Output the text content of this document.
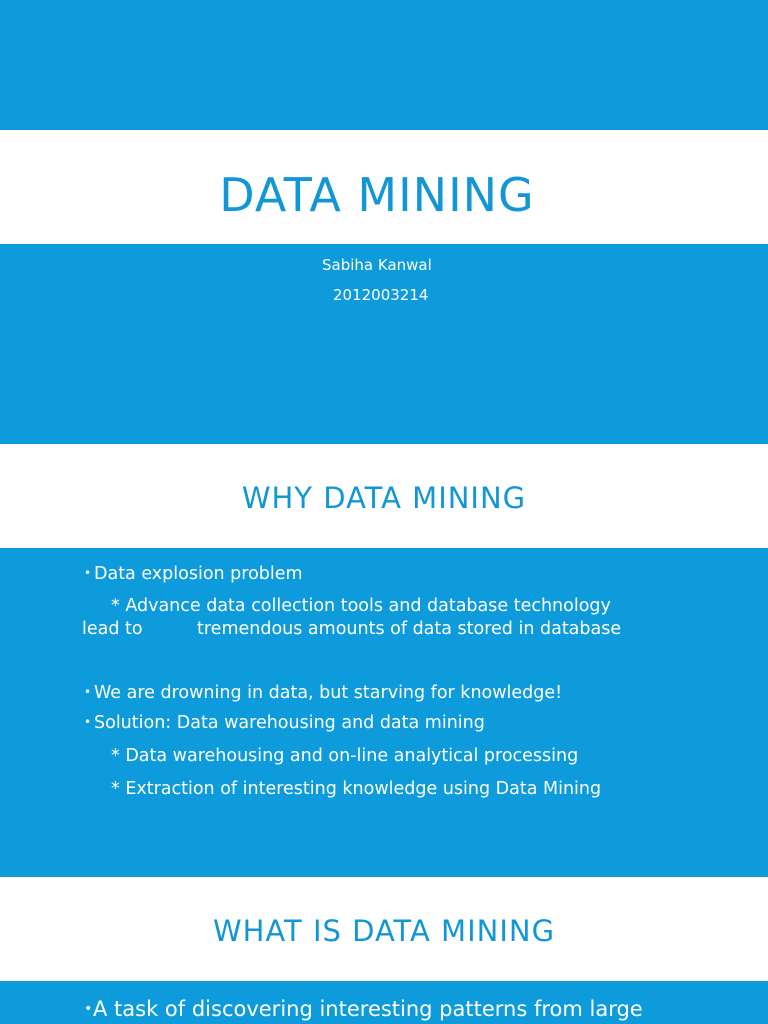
DATA MINING
Sabiha Kanwal
2012003214
WHY DATA MINING
• Data explosion problem
* Advance data collection tools and database technology
lead to	tremendous amounts of data stored in database
• We are drowning in data, but starving for knowledge!
• Solution: Data warehousing and data mining
* Data warehousing and on-line analytical processing
* Extraction of interesting knowledge using Data Mining
WHAT IS DATA MINING
• A task of discovering interesting patterns from large
